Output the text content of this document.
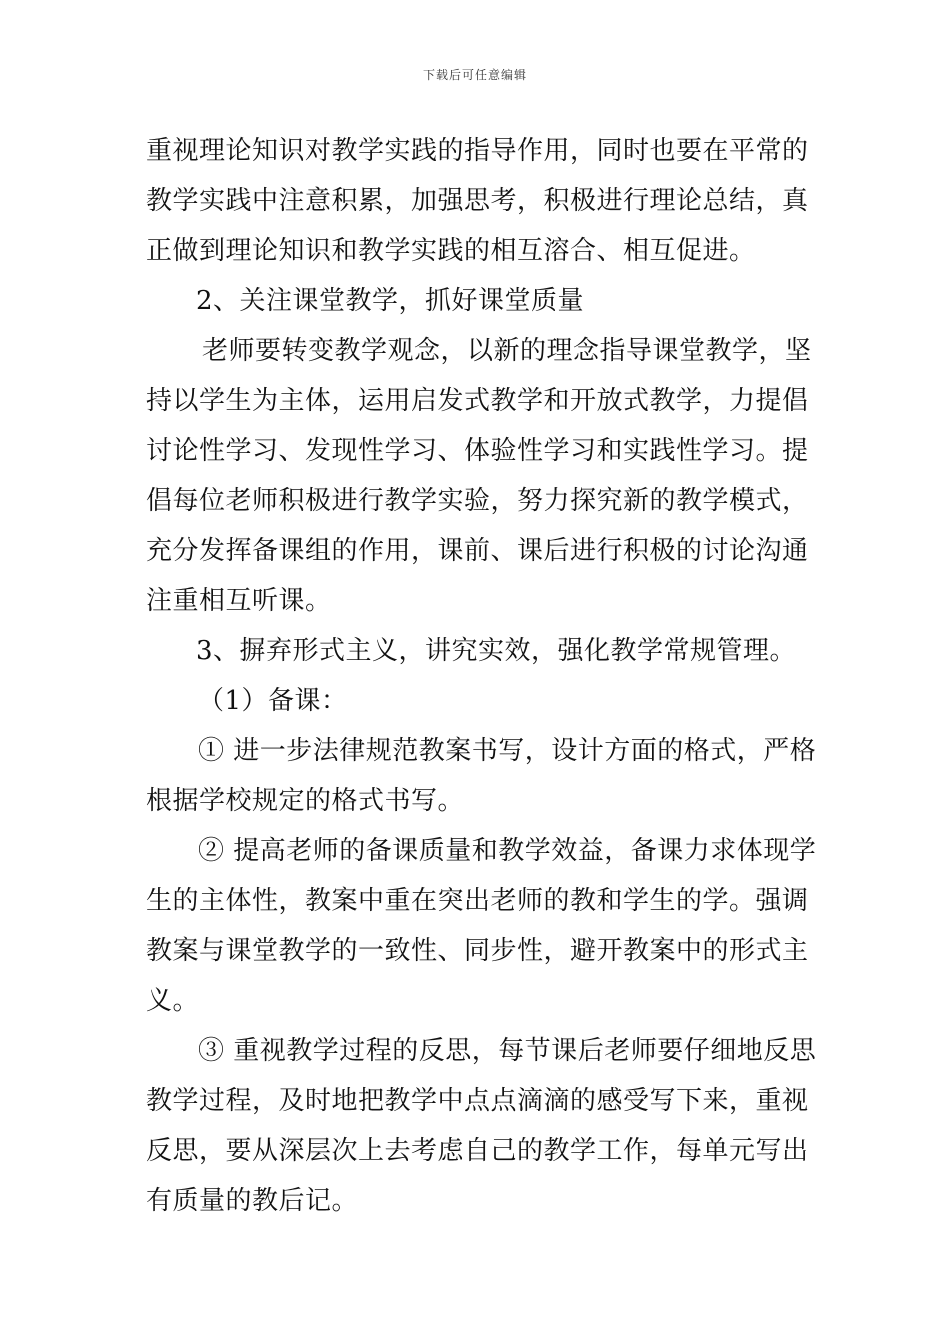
下载后可任意编辑
重视理论知识对教学实践的指导作用，同时也要在平常的
教学实践中注意积累，加强思考，积极进行理论总结，真
正做到理论知识和教学实践的相互溶合、相互促进。
2、关注课堂教学，抓好课堂质量
老师要转变教学观念，以新的理念指导课堂教学，坚
持以学生为主体，运用启发式教学和开放式教学，力提倡
讨论性学习、发现性学习、体验性学习和实践性学习。提
倡每位老师积极进行教学实验，努力探究新的教学模式，
充分发挥备课组的作用，课前、课后进行积极的讨论沟通
注重相互听课。
3、摒弃形式主义，讲究实效，强化教学常规管理。
（1）备课：
① 进一步法律规范教案书写，设计方面的格式，严格
根据学校规定的格式书写。
② 提高老师的备课质量和教学效益，备课力求体现学
生的主体性，教案中重在突出老师的教和学生的学。强调
教案与课堂教学的一致性、同步性，避开教案中的形式主
义。
③ 重视教学过程的反思，每节课后老师要仔细地反思
教学过程，及时地把教学中点点滴滴的感受写下来，重视
反思，要从深层次上去考虑自己的教学工作，每单元写出
有质量的教后记。
